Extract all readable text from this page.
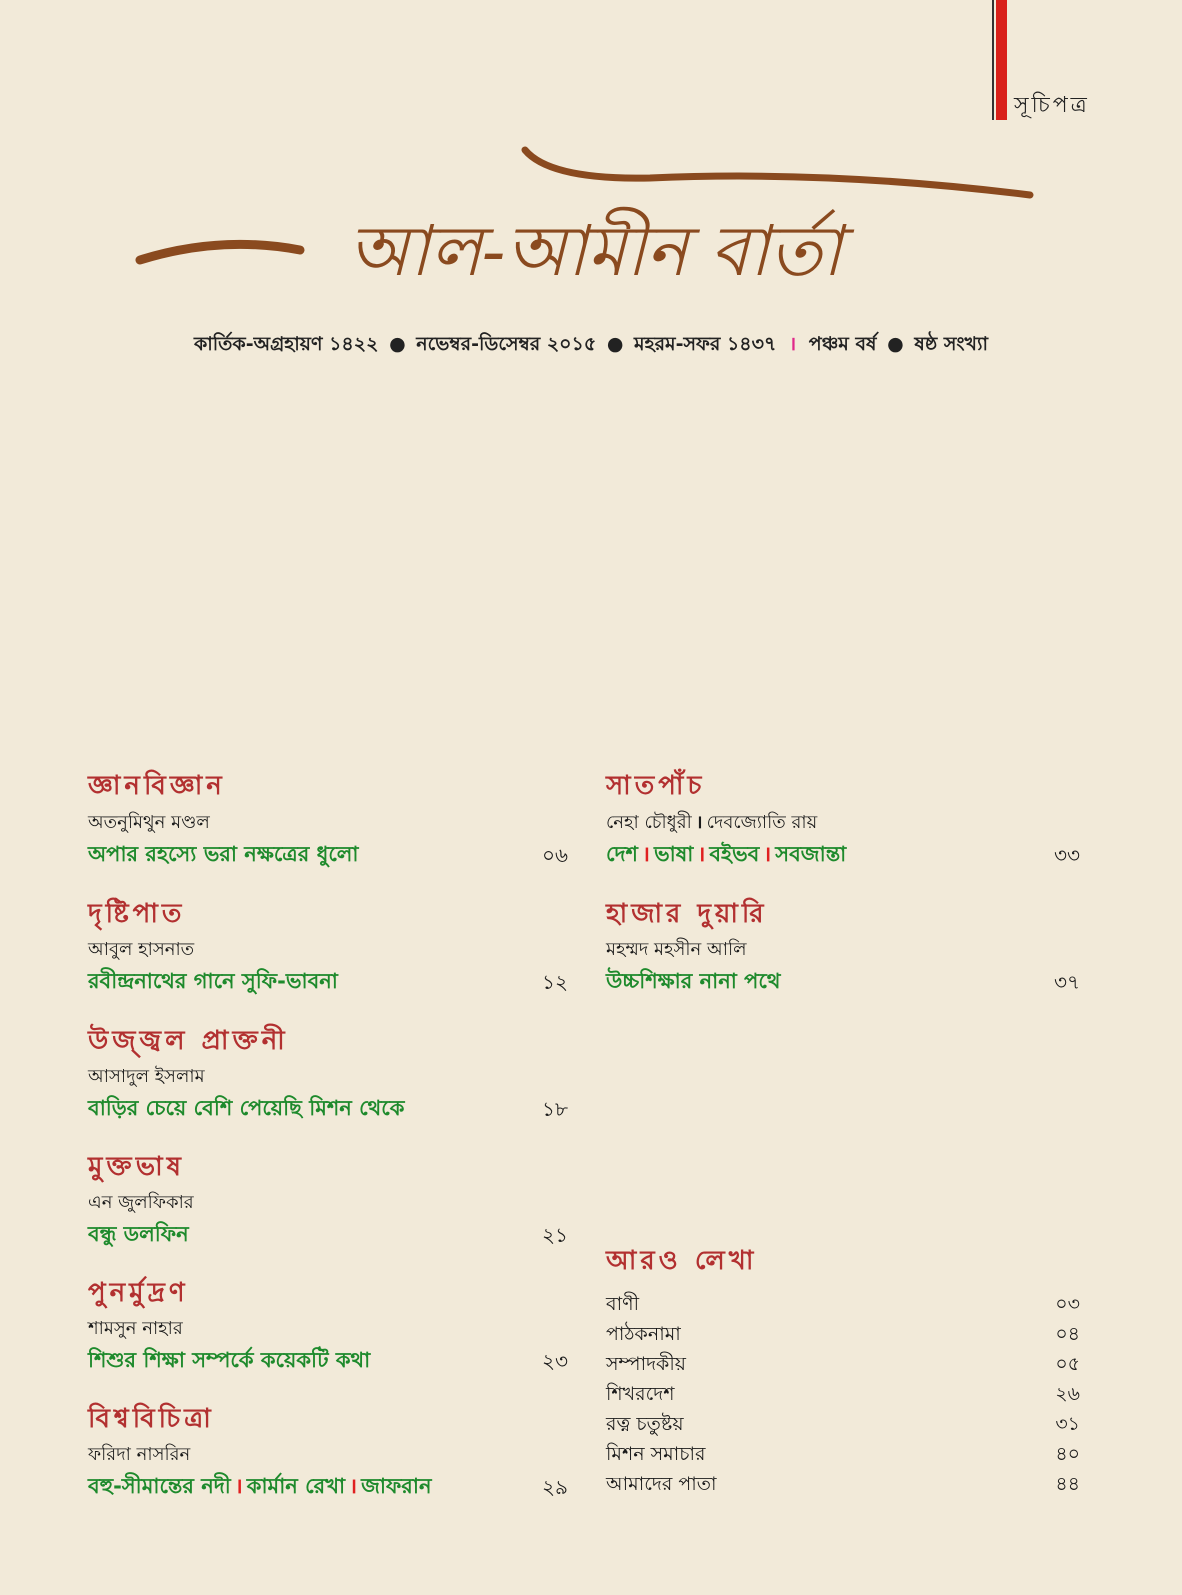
সূচিপত্র
আল-আমীন বার্তা
কার্তিক-অগ্রহায়ণ ১৪২২ ● নভেম্বর-ডিসেম্বর ২০১৫ ● মহরম-সফর ১৪৩৭ । পঞ্চম বর্ষ ● ষষ্ঠ সংখ্যা
জ্ঞানবিজ্ঞান
অতনুমিথুন মণ্ডল
অপার রহস্যে ভরা নক্ষত্রের ধুলো	০৬
দৃষ্টিপাত
আবুল হাসনাত
রবীন্দ্রনাথের গানে সুফি-ভাবনা	১২
উজ্জ্বল প্রাক্তনী
আসাদুল ইসলাম
বাড়ির চেয়ে বেশি পেয়েছি মিশন থেকে	১৮
মুক্তভাষ
এন জুলফিকার
বন্ধু ডলফিন	২১
পুনর্মুদ্রণ
শামসুন নাহার
শিশুর শিক্ষা সম্পর্কে কয়েকটি কথা	২৩
বিশ্ববিচিত্রা
ফরিদা নাসরিন
বহু-সীমান্তের নদী । কার্মান রেখা । জাফরান	২৯
সাতপাঁচ
নেহা চৌধুরী । দেবজ্যোতি রায়
দেশ । ভাষা । বইভব । সবজান্তা	৩৩
হাজার দুয়ারি
মহম্মদ মহসীন আলি
উচ্চশিক্ষার নানা পথে	৩৭
আরও লেখা
বাণী	০৩
পাঠকনামা	০৪
সম্পাদকীয়	০৫
শিখরদেশ	২৬
রত্ন চতুষ্টয়	৩১
মিশন সমাচার	৪০
আমাদের পাতা	৪৪
